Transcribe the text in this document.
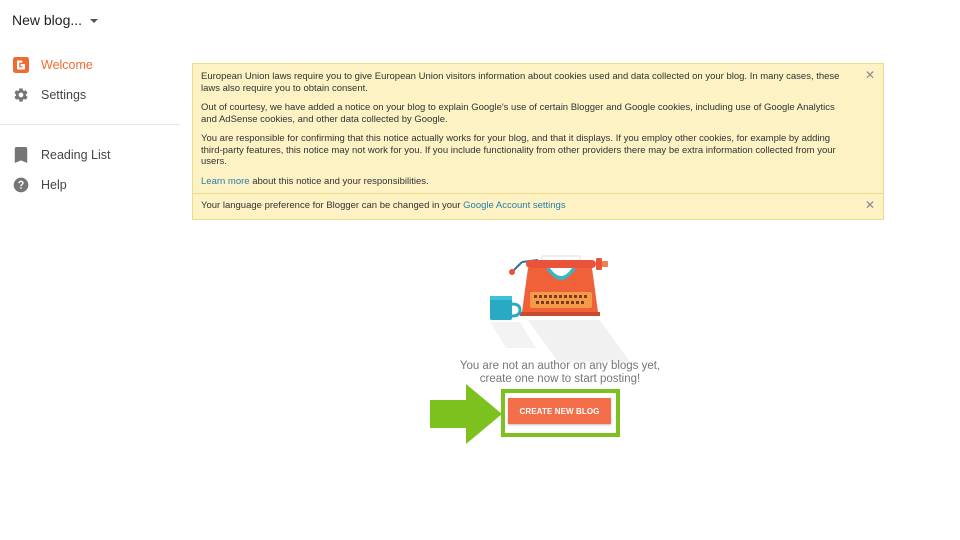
New blog...
Welcome
Settings
Reading List
Help
✕

European Union laws require you to give European Union visitors information about cookies used and data collected on your blog. In many cases, these laws also require you to obtain consent.

Out of courtesy, we have added a notice on your blog to explain Google's use of certain Blogger and Google cookies, including use of Google Analytics and AdSense cookies, and other data collected by Google.

You are responsible for confirming that this notice actually works for your blog, and that it displays. If you employ other cookies, for example by adding third-party features, this notice may not work for you. If you include functionality from other providers there may be extra information collected from your users.

Learn more about this notice and your responsibilities.

✕

Your language preference for Blogger can be changed in your Google Account settings

You are not an author on any blogs yet,
create one now to start posting!
CREATE NEW BLOG
